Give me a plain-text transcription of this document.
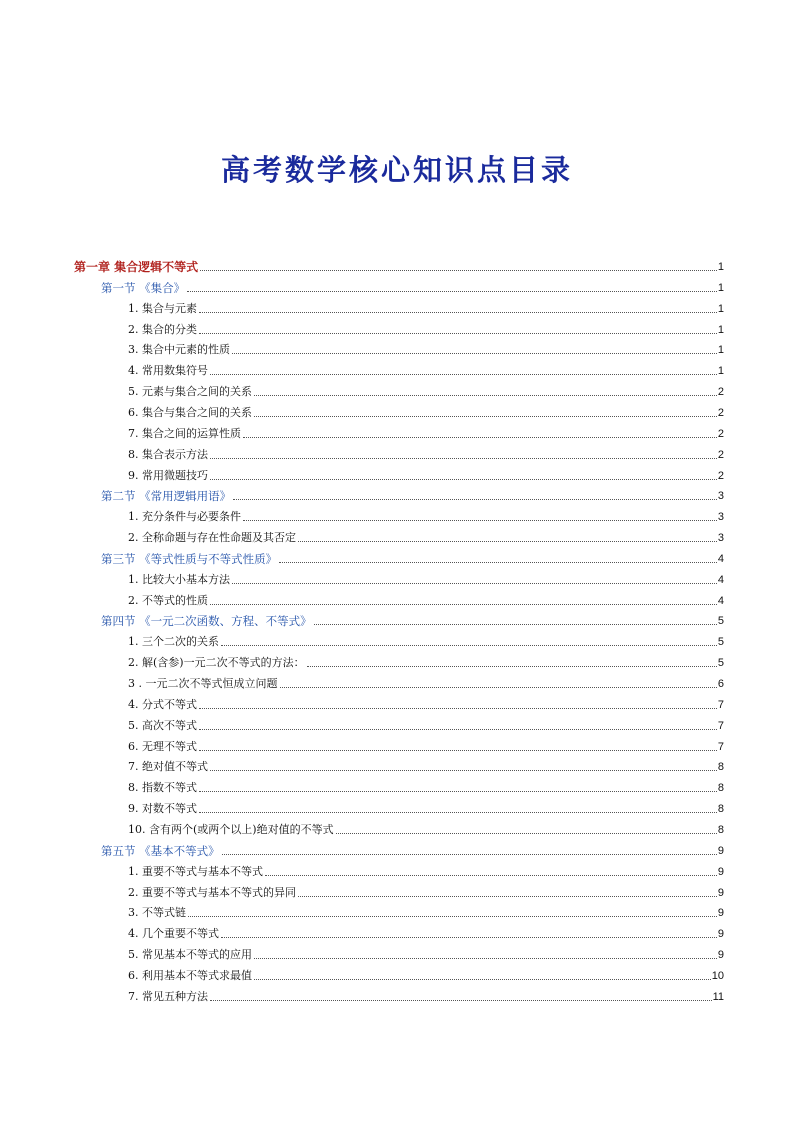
高考数学核心知识点目录
第一章 集合逻辑不等式	1
第一节 《集合》	1
1. 集合与元素	1
2. 集合的分类	1
3. 集合中元素的性质	1
4. 常用数集符号	1
5. 元素与集合之间的关系	2
6. 集合与集合之间的关系	2
7. 集合之间的运算性质	2
8. 集合表示方法	2
9. 常用微题技巧	2
第二节 《常用逻辑用语》	3
1. 充分条件与必要条件	3
2. 全称命题与存在性命题及其否定	3
第三节 《等式性质与不等式性质》	4
1. 比较大小基本方法	4
2. 不等式的性质	4
第四节 《一元二次函数、方程、不等式》	5
1. 三个二次的关系	5
2. 解(含参)一元二次不等式的方法：	5
3 . 一元二次不等式恒成立问题	6
4. 分式不等式	7
5. 高次不等式	7
6. 无理不等式	7
7. 绝对值不等式	8
8. 指数不等式	8
9. 对数不等式	8
10. 含有两个(或两个以上)绝对值的不等式	8
第五节 《基本不等式》	9
1. 重要不等式与基本不等式	9
2. 重要不等式与基本不等式的异同	9
3. 不等式链	9
4. 几个重要不等式	9
5. 常见基本不等式的应用	9
6. 利用基本不等式求最值	10
7. 常见五种方法	11
